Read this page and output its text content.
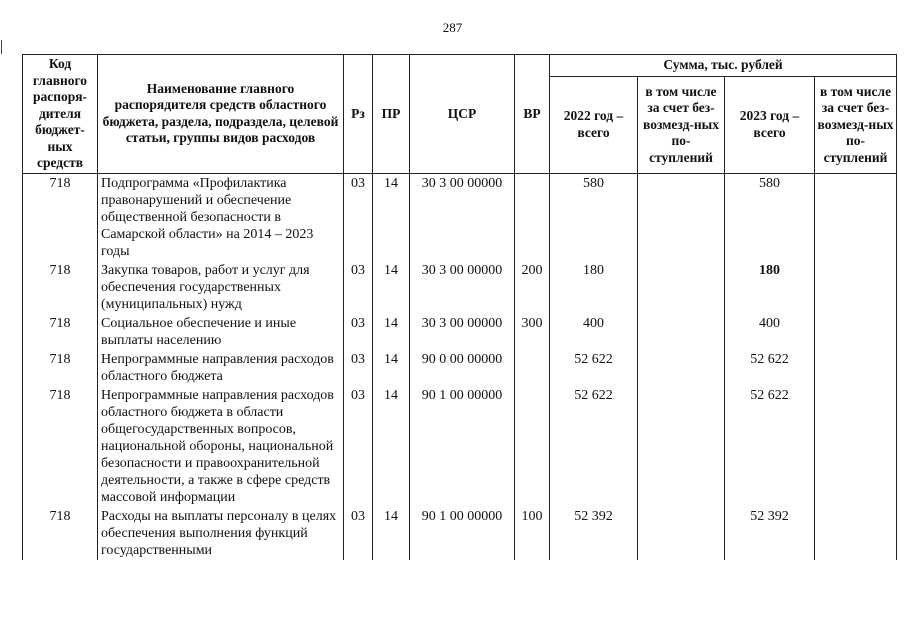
287
Код главного распоря-дителя бюджет-ных средств	Наименование главного распорядителя средств областного бюджета, раздела, подраздела, целевой статьи, группы видов расходов	Рз	ПР	ЦСР	ВР	Сумма, тыс. рублей			
						2022 год – всего	в том числе за счет без-возмезд-ных по-ступлений	2023 год – всего	в том числе за счет без-возмезд-ных по-ступлений
718	Подпрограмма «Профилактика правонарушений и обеспечение общественной безопасности в Самарской области» на 2014 – 2023 годы	03	14	30 3 00 00000		580		580	
718	Закупка товаров, работ и услуг для обеспечения государственных (муниципальных) нужд	03	14	30 3 00 00000	200	180		180	
718	Социальное обеспечение и иные выплаты населению	03	14	30 3 00 00000	300	400		400	
718	Непрограммные направления расходов областного бюджета	03	14	90 0 00 00000		52 622		52 622	
718	Непрограммные направления расходов областного бюджета в области общегосударственных вопросов, национальной обороны, национальной безопасности и правоохранительной деятельности, а также в сфере средств массовой информации	03	14	90 1 00 00000		52 622		52 622	
718	Расходы на выплаты персоналу в целях обеспечения выполнения функций государственными	03	14	90 1 00 00000	100	52 392		52 392	
